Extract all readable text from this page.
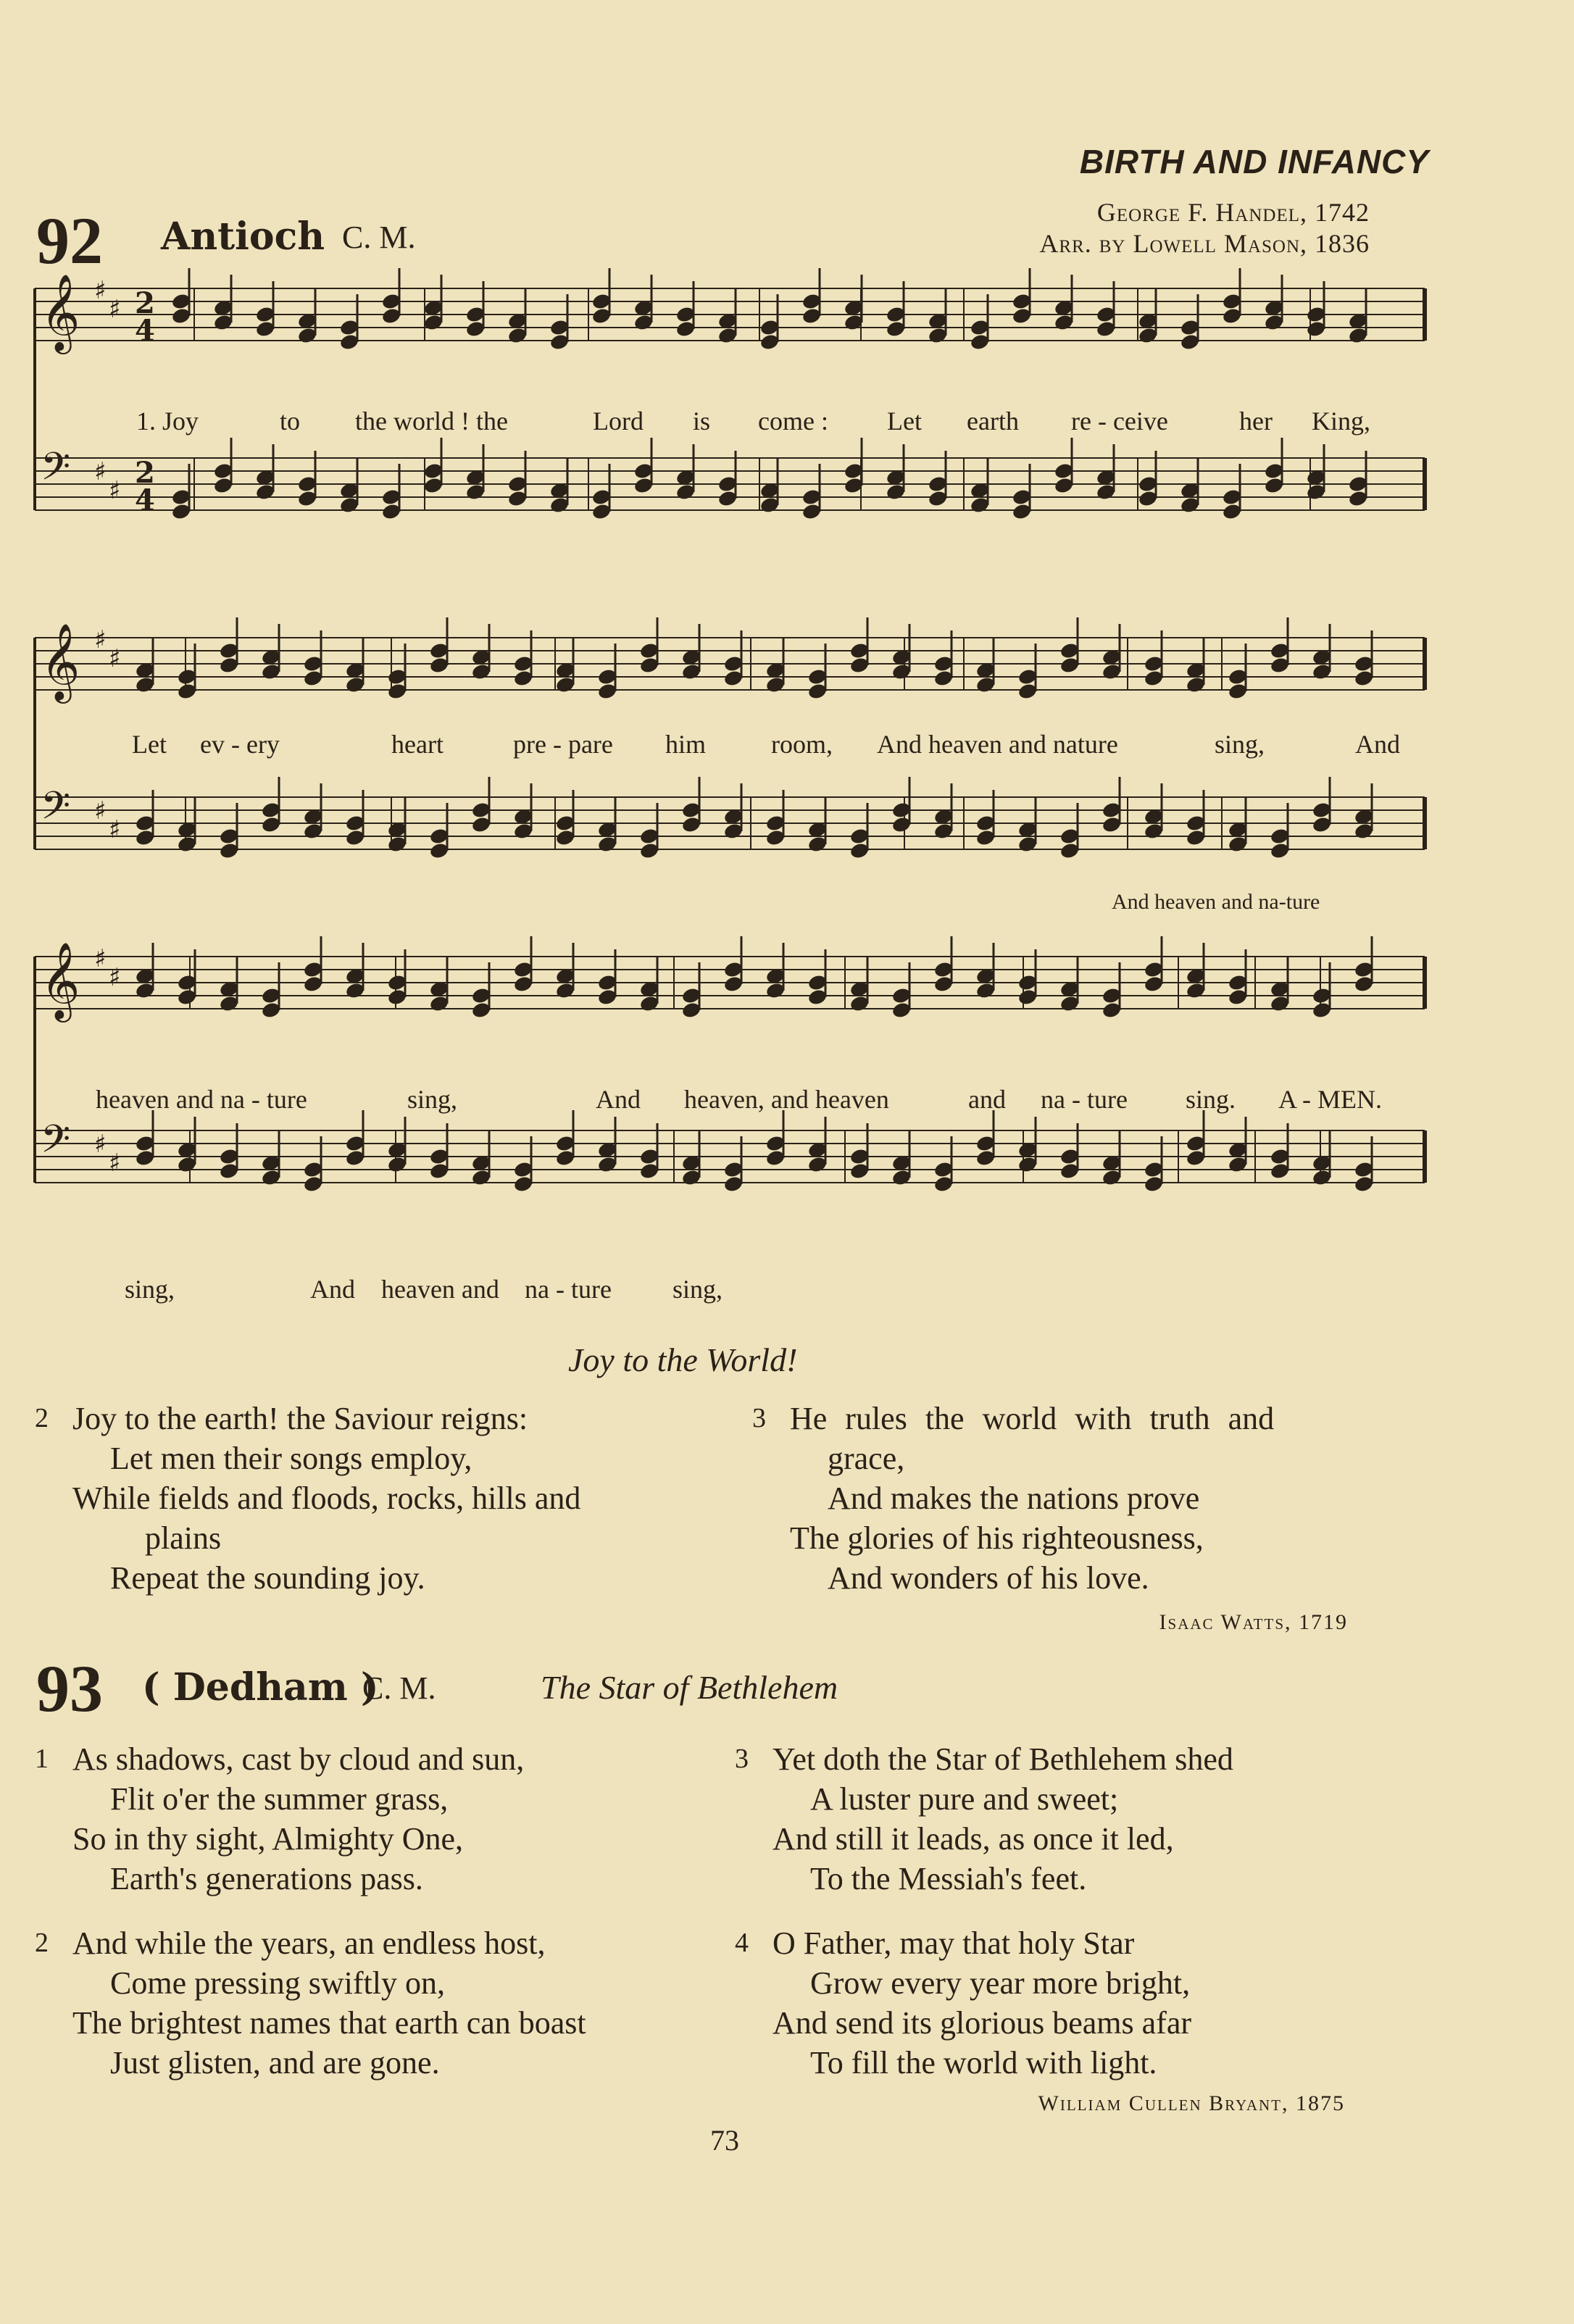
BIRTH AND INFANCY
92 Antioch C. M.
George F. Handel, 1742
Arr. by Lowell Mason, 1836
𝄞 ♯
♯
𝄢 ♯
♯
𝄞 ♯
♯
𝄢 ♯
♯
𝄞 ♯
♯
𝄢 ♯
♯
2
4
2
4
1. Joy	to the world ! the	Lord is come : Let earth re - ceive	her King,
Let ev - ery	heart	pre - pare him room, And heaven and nature	sing,	And
And heaven and na-ture
heaven and na - ture	sing,	And heaven, and heaven	and na - ture sing. A - MEN.
sing,	And heaven and na - ture sing,
Joy to the World!
2 Joy to the earth! the Saviour reigns:
Let men their songs employ,
While fields and floods, rocks, hills and
plains
Repeat the sounding joy.
3 He rules the world with truth and
grace,
And makes the nations prove
The glories of his righteousness,
And wonders of his love.
Isaac Watts, 1719
93 ( Dedham )
C. M.	The Star of Bethlehem
1 As shadows, cast by cloud and sun,
Flit o'er the summer grass,
So in thy sight, Almighty One,
Earth's generations pass.
3 Yet doth the Star of Bethlehem shed
A luster pure and sweet;
And still it leads, as once it led,
To the Messiah's feet.
2 And while the years, an endless host,
Come pressing swiftly on,
The brightest names that earth can boast
Just glisten, and are gone.
4 O Father, may that holy Star
Grow every year more bright,
And send its glorious beams afar
To fill the world with light.
William Cullen Bryant, 1875
73
